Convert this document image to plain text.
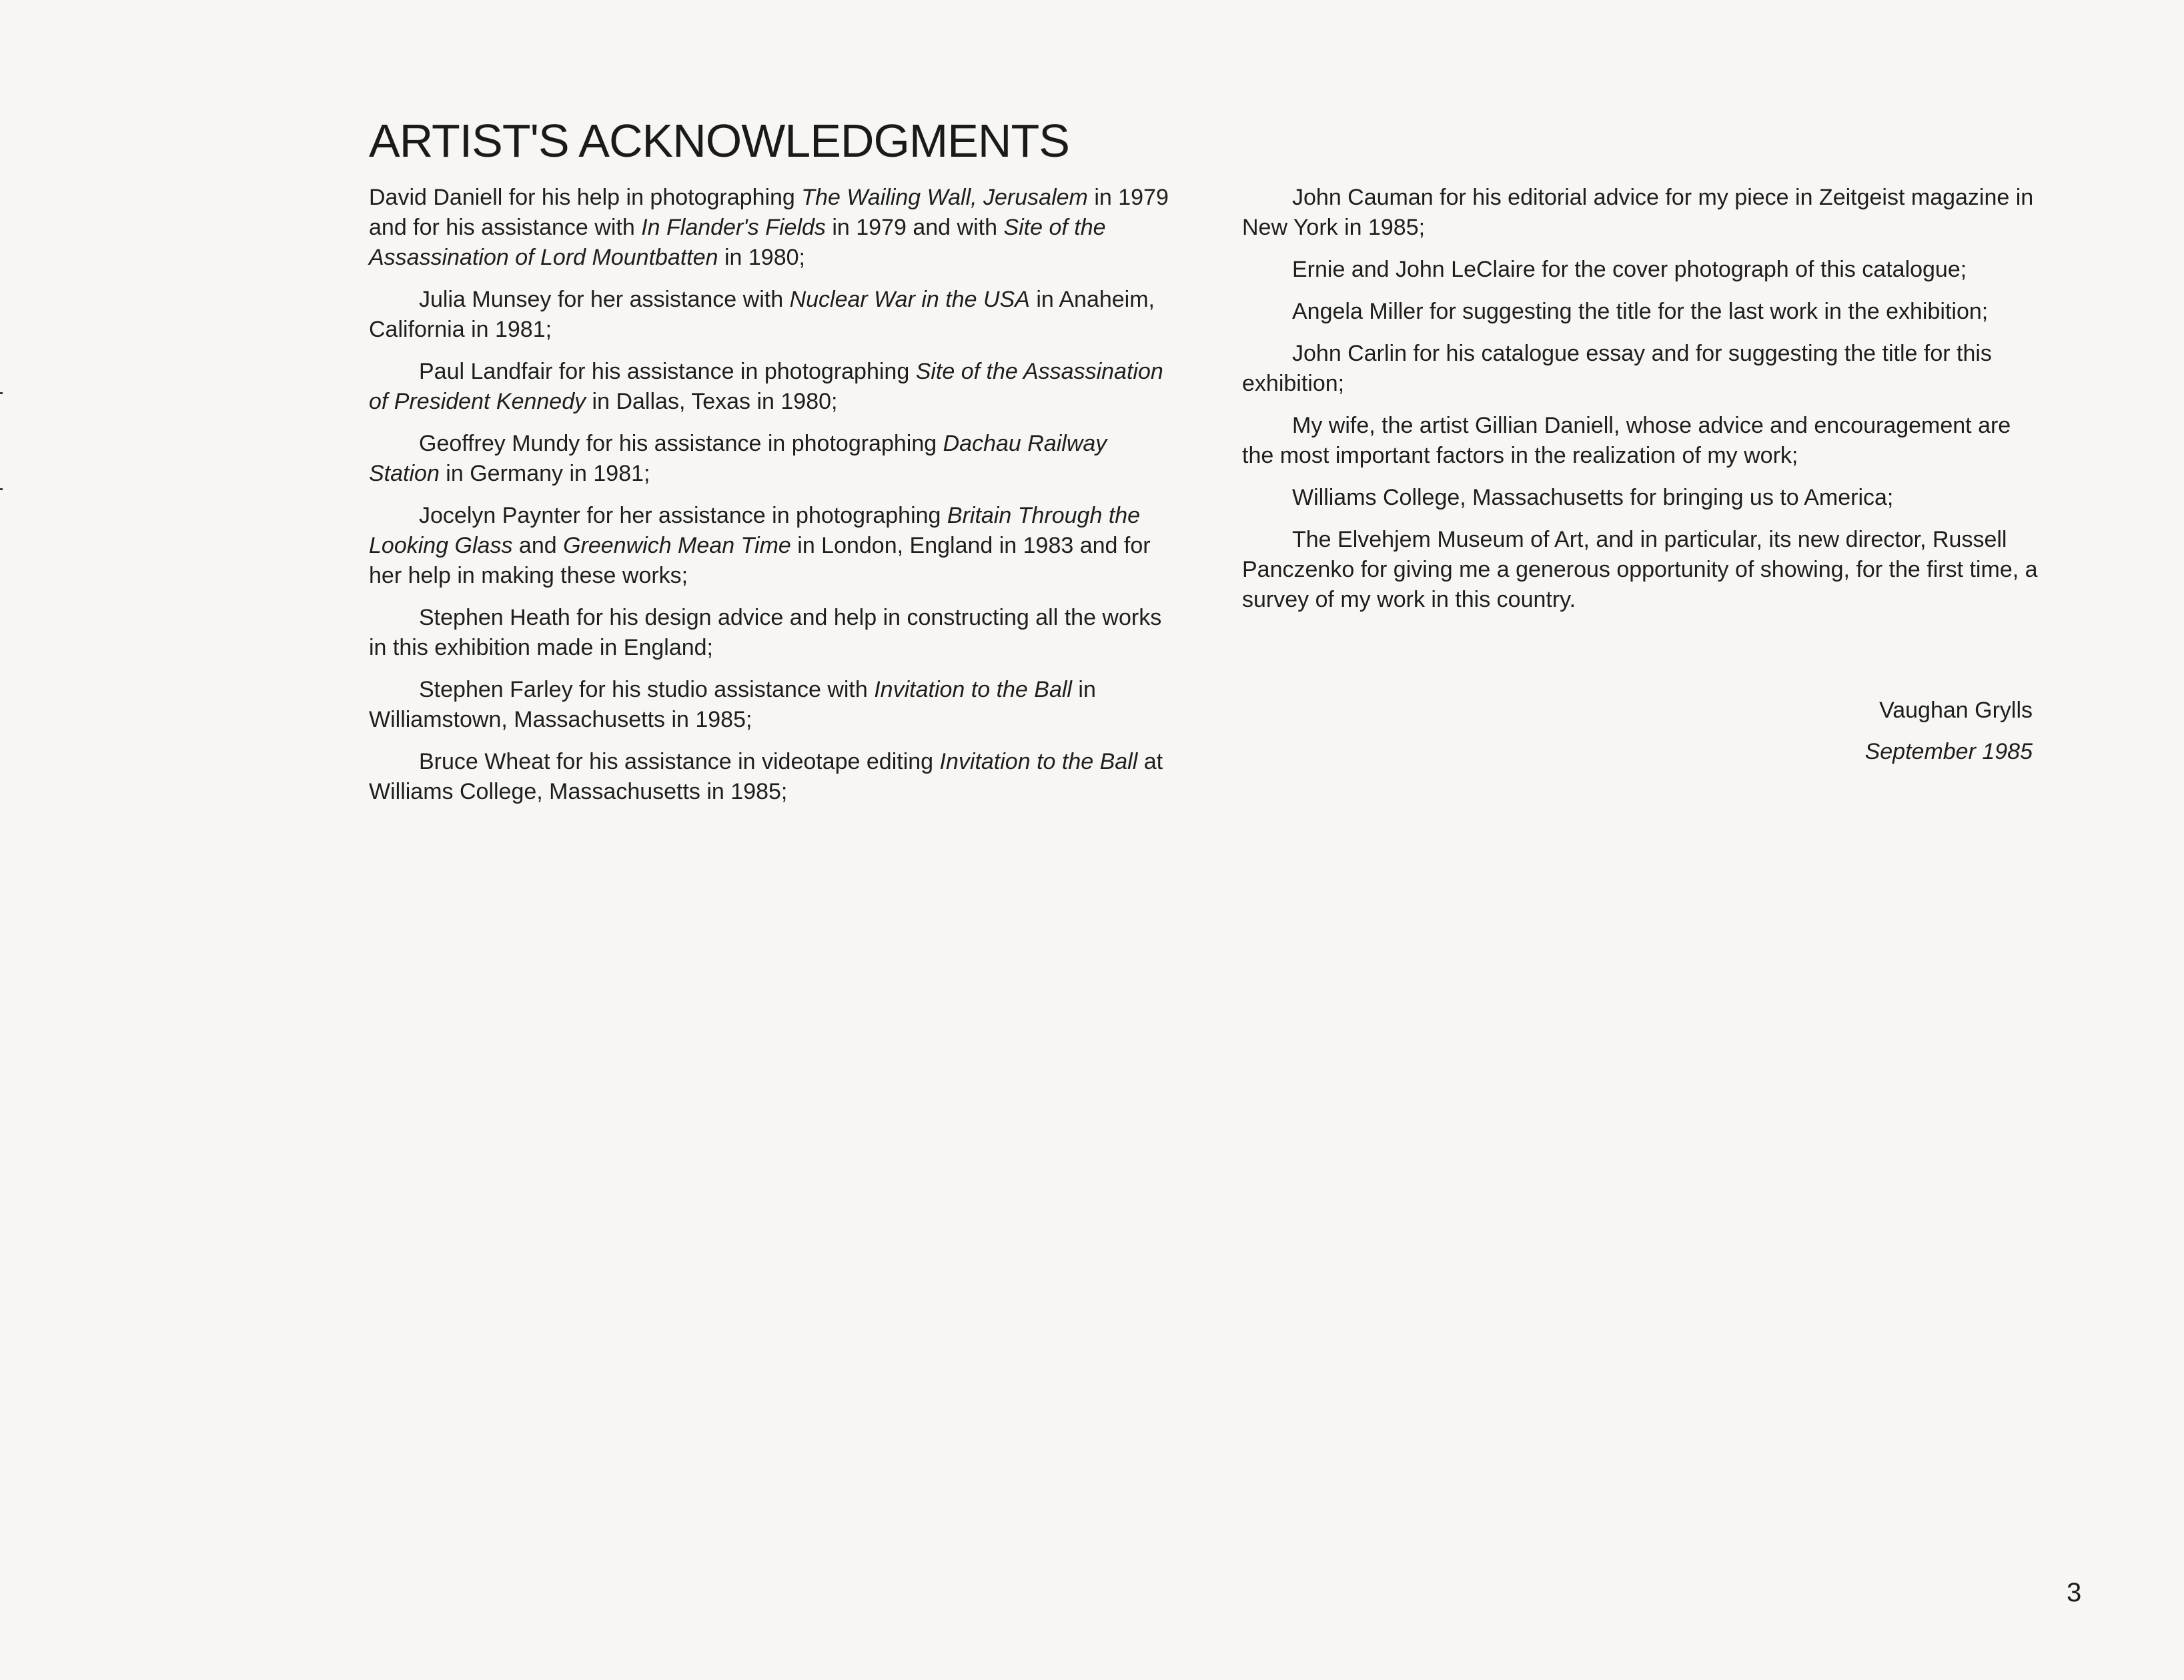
ARTIST'S ACKNOWLEDGMENTS

David Daniell for his help in photographing The Wailing Wall, Jerusalem in 1979 and for his assistance with In Flander's Fields in 1979 and with Site of the Assassination of Lord Mountbatten in 1980;

Julia Munsey for her assistance with Nuclear War in the USA in Anaheim, California in 1981;

Paul Landfair for his assistance in photographing Site of the Assassination of President Kennedy in Dallas, Texas in 1980;

Geoffrey Mundy for his assistance in photographing Dachau Railway Station in Germany in 1981;

Jocelyn Paynter for her assistance in photographing Britain Through the Looking Glass and Greenwich Mean Time in London, England in 1983 and for her help in making these works;

Stephen Heath for his design advice and help in constructing all the works in this exhibition made in England;

Stephen Farley for his studio assistance with Invitation to the Ball in Williamstown, Massachusetts in 1985;

Bruce Wheat for his assistance in videotape editing Invitation to the Ball at Williams College, Massachusetts in 1985;

John Cauman for his editorial advice for my piece in Zeitgeist magazine in New York in 1985;

Ernie and John LeClaire for the cover photograph of this catalogue;

Angela Miller for suggesting the title for the last work in the exhibition;

John Carlin for his catalogue essay and for suggesting the title for this exhibition;

My wife, the artist Gillian Daniell, whose advice and encouragement are the most important factors in the realization of my work;

Williams College, Massachusetts for bringing us to America;

The Elvehjem Museum of Art, and in particular, its new director, Russell Panczenko for giving me a generous opportunity of showing, for the first time, a survey of my work in this country.

Vaughan Grylls
September 1985
3
